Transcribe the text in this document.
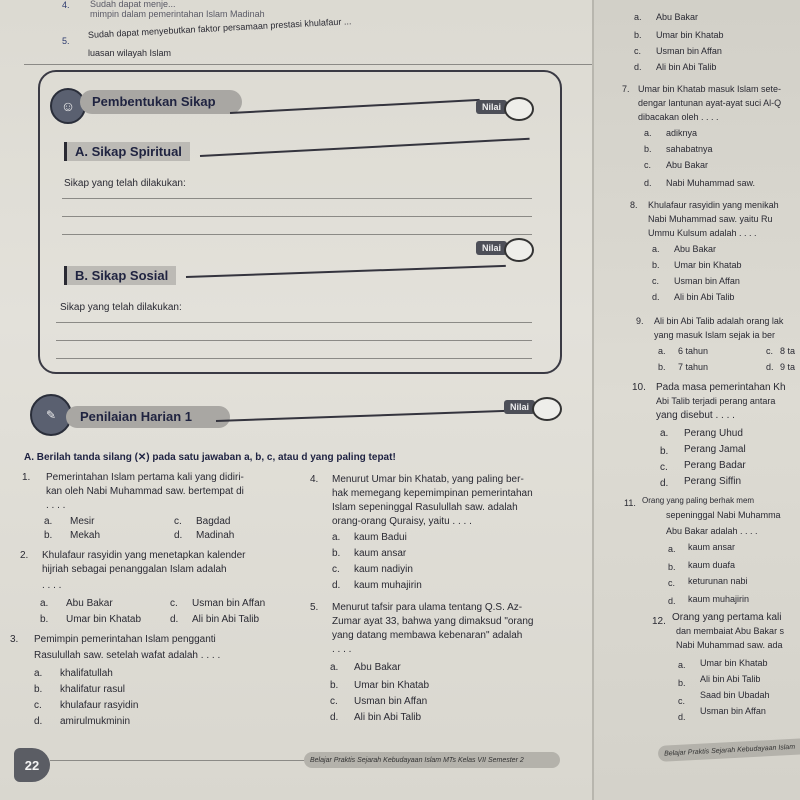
4. Sudah dapat menje...
mimpin dalam pemerintahan Islam Madinah
5.
Sudah dapat menyebutkan faktor persamaan prestasi khulafaur ...
luasan wilayah Islam
☺	Pembentukan Sikap	Nilai
A. Sikap Spiritual
Sikap yang telah dilakukan:
Nilai
B. Sikap Sosial
Sikap yang telah dilakukan:
✎	Penilaian Harian 1
Nilai
A. Berilah tanda silang (✕) pada satu jawaban a, b, c, atau d yang paling tepat!
1. Pemerintahan Islam pertama kali yang didiri-
kan oleh Nabi Muhammad saw. bertempat di
. . . .
a. Mesir	c. Bagdad
b. Mekah	d. Madinah
2. Khulafaur rasyidin yang menetapkan kalender
hijriah sebagai penanggalan Islam adalah
. . . .
a. Abu Bakar	c. Usman bin Affan
b. Umar bin Khatab	d. Ali bin Abi Talib
3. Pemimpin pemerintahan Islam pengganti
Rasulullah saw. setelah wafat adalah . . . .
a. khalifatullah
b. khalifatur rasul
c. khulafaur rasyidin
d. amirulmukminin
4. Menurut Umar bin Khatab, yang paling ber-
hak memegang kepemimpinan pemerintahan
Islam sepeninggal Rasulullah saw. adalah
orang-orang Quraisy, yaitu . . . .
a. kaum Badui
b. kaum ansar
c. kaum nadiyin
d. kaum muhajirin
5. Menurut tafsir para ulama tentang Q.S. Az-
Zumar ayat 33, bahwa yang dimaksud "orang
yang datang membawa kebenaran" adalah
. . . .
a. Abu Bakar
b. Umar bin Khatab
c. Usman bin Affan
d. Ali bin Abi Talib
22	Belajar Praktis Sejarah Kebudayaan Islam MTs Kelas VII Semester 2
a. Abu Bakar
b. Umar bin Khatab
c. Usman bin Affan
d. Ali bin Abi Talib
7. Umar bin Khatab masuk Islam sete-
dengar lantunan ayat-ayat suci Al-Q
dibacakan oleh . . . .
a. adiknya
b. sahabatnya
c. Abu Bakar
d. Nabi Muhammad saw.
8. Khulafaur rasyidin yang menikah
Nabi Muhammad saw. yaitu Ru
Ummu Kulsum adalah . . . .
a. Abu Bakar
b. Umar bin Khatab
c. Usman bin Affan
d. Ali bin Abi Talib
9. Ali bin Abi Talib adalah orang lak
yang masuk Islam sejak ia ber
a. 6 tahun	c. 8 ta
b. 7 tahun	d. 9 ta
10. Pada masa pemerintahan Kh
Abi Talib terjadi perang antara
yang disebut . . . .
a. Perang Uhud
b. Perang Jamal
c. Perang Badar
d. Perang Siffin
11. Orang yang paling berhak mem
sepeninggal Nabi Muhamma
Abu Bakar adalah . . . .
a. kaum ansar
b. kaum duafa
c. keturunan nabi
d. kaum muhajirin
12. Orang yang pertama kali
dan membaiat Abu Bakar s
Nabi Muhammad saw. ada
a. Umar bin Khatab
b. Ali bin Abi Talib
c.
Saad bin Ubadah
d.
Usman bin Affan
Belajar Praktis Sejarah Kebudayaan Islam
